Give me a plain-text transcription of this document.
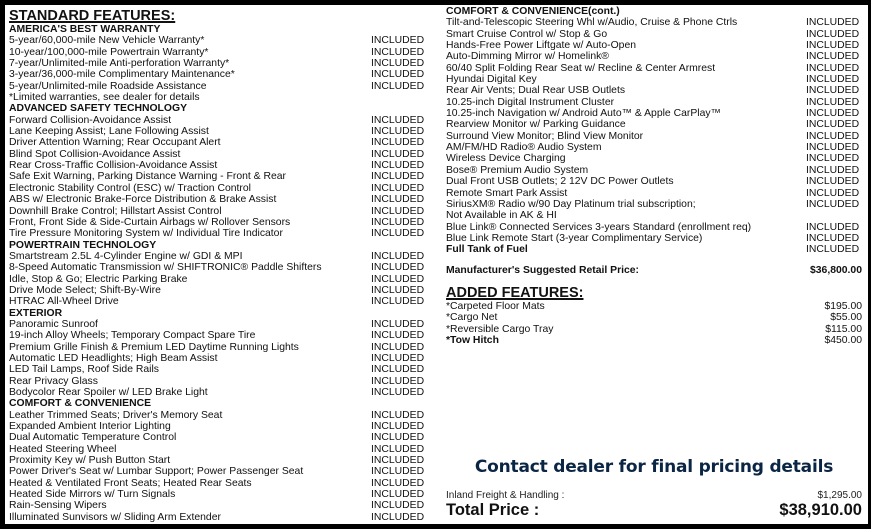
STANDARD FEATURES:
AMERICA'S BEST WARRANTY
5-year/60,000-mile New Vehicle Warranty*	INCLUDED
10-year/100,000-mile Powertrain Warranty*	INCLUDED
7-year/Unlimited-mile Anti-perforation Warranty*	INCLUDED
3-year/36,000-mile Complimentary Maintenance*	INCLUDED
5-year/Unlimited-mile Roadside Assistance	INCLUDED
*Limited warranties, see dealer for details
ADVANCED SAFETY TECHNOLOGY
Forward Collision-Avoidance Assist	INCLUDED
Lane Keeping Assist; Lane Following Assist	INCLUDED
Driver Attention Warning; Rear Occupant Alert	INCLUDED
Blind Spot Collision-Avoidance Assist	INCLUDED
Rear Cross-Traffic Collision-Avoidance Assist	INCLUDED
Safe Exit Warning, Parking Distance Warning - Front & Rear	INCLUDED
Electronic Stability Control (ESC) w/ Traction Control	INCLUDED
ABS w/ Electronic Brake-Force Distribution & Brake Assist	INCLUDED
Downhill Brake Control; Hillstart Assist Control	INCLUDED
Front, Front Side & Side-Curtain Airbags w/ Rollover Sensors	INCLUDED
Tire Pressure Monitoring System w/ Individual Tire Indicator	INCLUDED
POWERTRAIN TECHNOLOGY
Smartstream 2.5L 4-Cylinder Engine w/ GDI & MPI	INCLUDED
8-Speed Automatic Transmission w/ SHIFTRONIC® Paddle Shifters	INCLUDED
Idle, Stop & Go; Electric Parking Brake	INCLUDED
Drive Mode Select; Shift-By-Wire	INCLUDED
HTRAC All-Wheel Drive	INCLUDED
EXTERIOR
Panoramic Sunroof	INCLUDED
19-inch Alloy Wheels; Temporary Compact Spare Tire	INCLUDED
Premium Grille Finish & Premium LED Daytime Running Lights	INCLUDED
Automatic LED Headlights; High Beam Assist	INCLUDED
LED Tail Lamps, Roof Side Rails	INCLUDED
Rear Privacy Glass	INCLUDED
Bodycolor Rear Spoiler w/ LED Brake Light	INCLUDED
COMFORT & CONVENIENCE
Leather Trimmed Seats; Driver's Memory Seat	INCLUDED
Expanded Ambient Interior Lighting	INCLUDED
Dual Automatic Temperature Control	INCLUDED
Heated Steering Wheel	INCLUDED
Proximity Key w/ Push Button Start	INCLUDED
Power Driver's Seat w/ Lumbar Support; Power Passenger Seat	INCLUDED
Heated & Ventilated Front Seats; Heated Rear Seats	INCLUDED
Heated Side Mirrors w/ Turn Signals	INCLUDED
Rain-Sensing Wipers	INCLUDED
Illuminated Sunvisors w/ Sliding Arm Extender	INCLUDED
COMFORT & CONVENIENCE(cont.)
Tilt-and-Telescopic Steering Whl w/Audio, Cruise & Phone Ctrls	INCLUDED
Smart Cruise Control w/ Stop & Go	INCLUDED
Hands-Free Power Liftgate w/ Auto-Open	INCLUDED
Auto-Dimming Mirror w/ Homelink®	INCLUDED
60/40 Split Folding Rear Seat w/ Recline & Center Armrest	INCLUDED
Hyundai Digital Key	INCLUDED
Rear Air Vents; Dual Rear USB Outlets	INCLUDED
10.25-inch Digital Instrument Cluster	INCLUDED
10.25-inch Navigation w/ Android Auto™ & Apple CarPlay™	INCLUDED
Rearview Monitor w/ Parking Guidance	INCLUDED
Surround View Monitor; Blind View Monitor	INCLUDED
AM/FM/HD Radio® Audio System	INCLUDED
Wireless Device Charging	INCLUDED
Bose® Premium Audio System	INCLUDED
Dual Front USB Outlets; 2 12V DC Power Outlets	INCLUDED
Remote Smart Park Assist	INCLUDED
SiriusXM® Radio w/90 Day Platinum trial subscription;	INCLUDED
Not Available in AK & HI
Blue Link® Connected Services 3-years Standard (enrollment req)	INCLUDED
Blue Link Remote Start (3-year Complimentary Service)	INCLUDED
Full Tank of Fuel	INCLUDED
Manufacturer's Suggested Retail Price:	$36,800.00
ADDED FEATURES:
*Carpeted Floor Mats	$195.00
*Cargo Net	$55.00
*Reversible Cargo Tray	$115.00
*Tow Hitch	$450.00
Contact dealer for final pricing details
Inland Freight & Handling :	$1,295.00
Total Price :	$38,910.00
